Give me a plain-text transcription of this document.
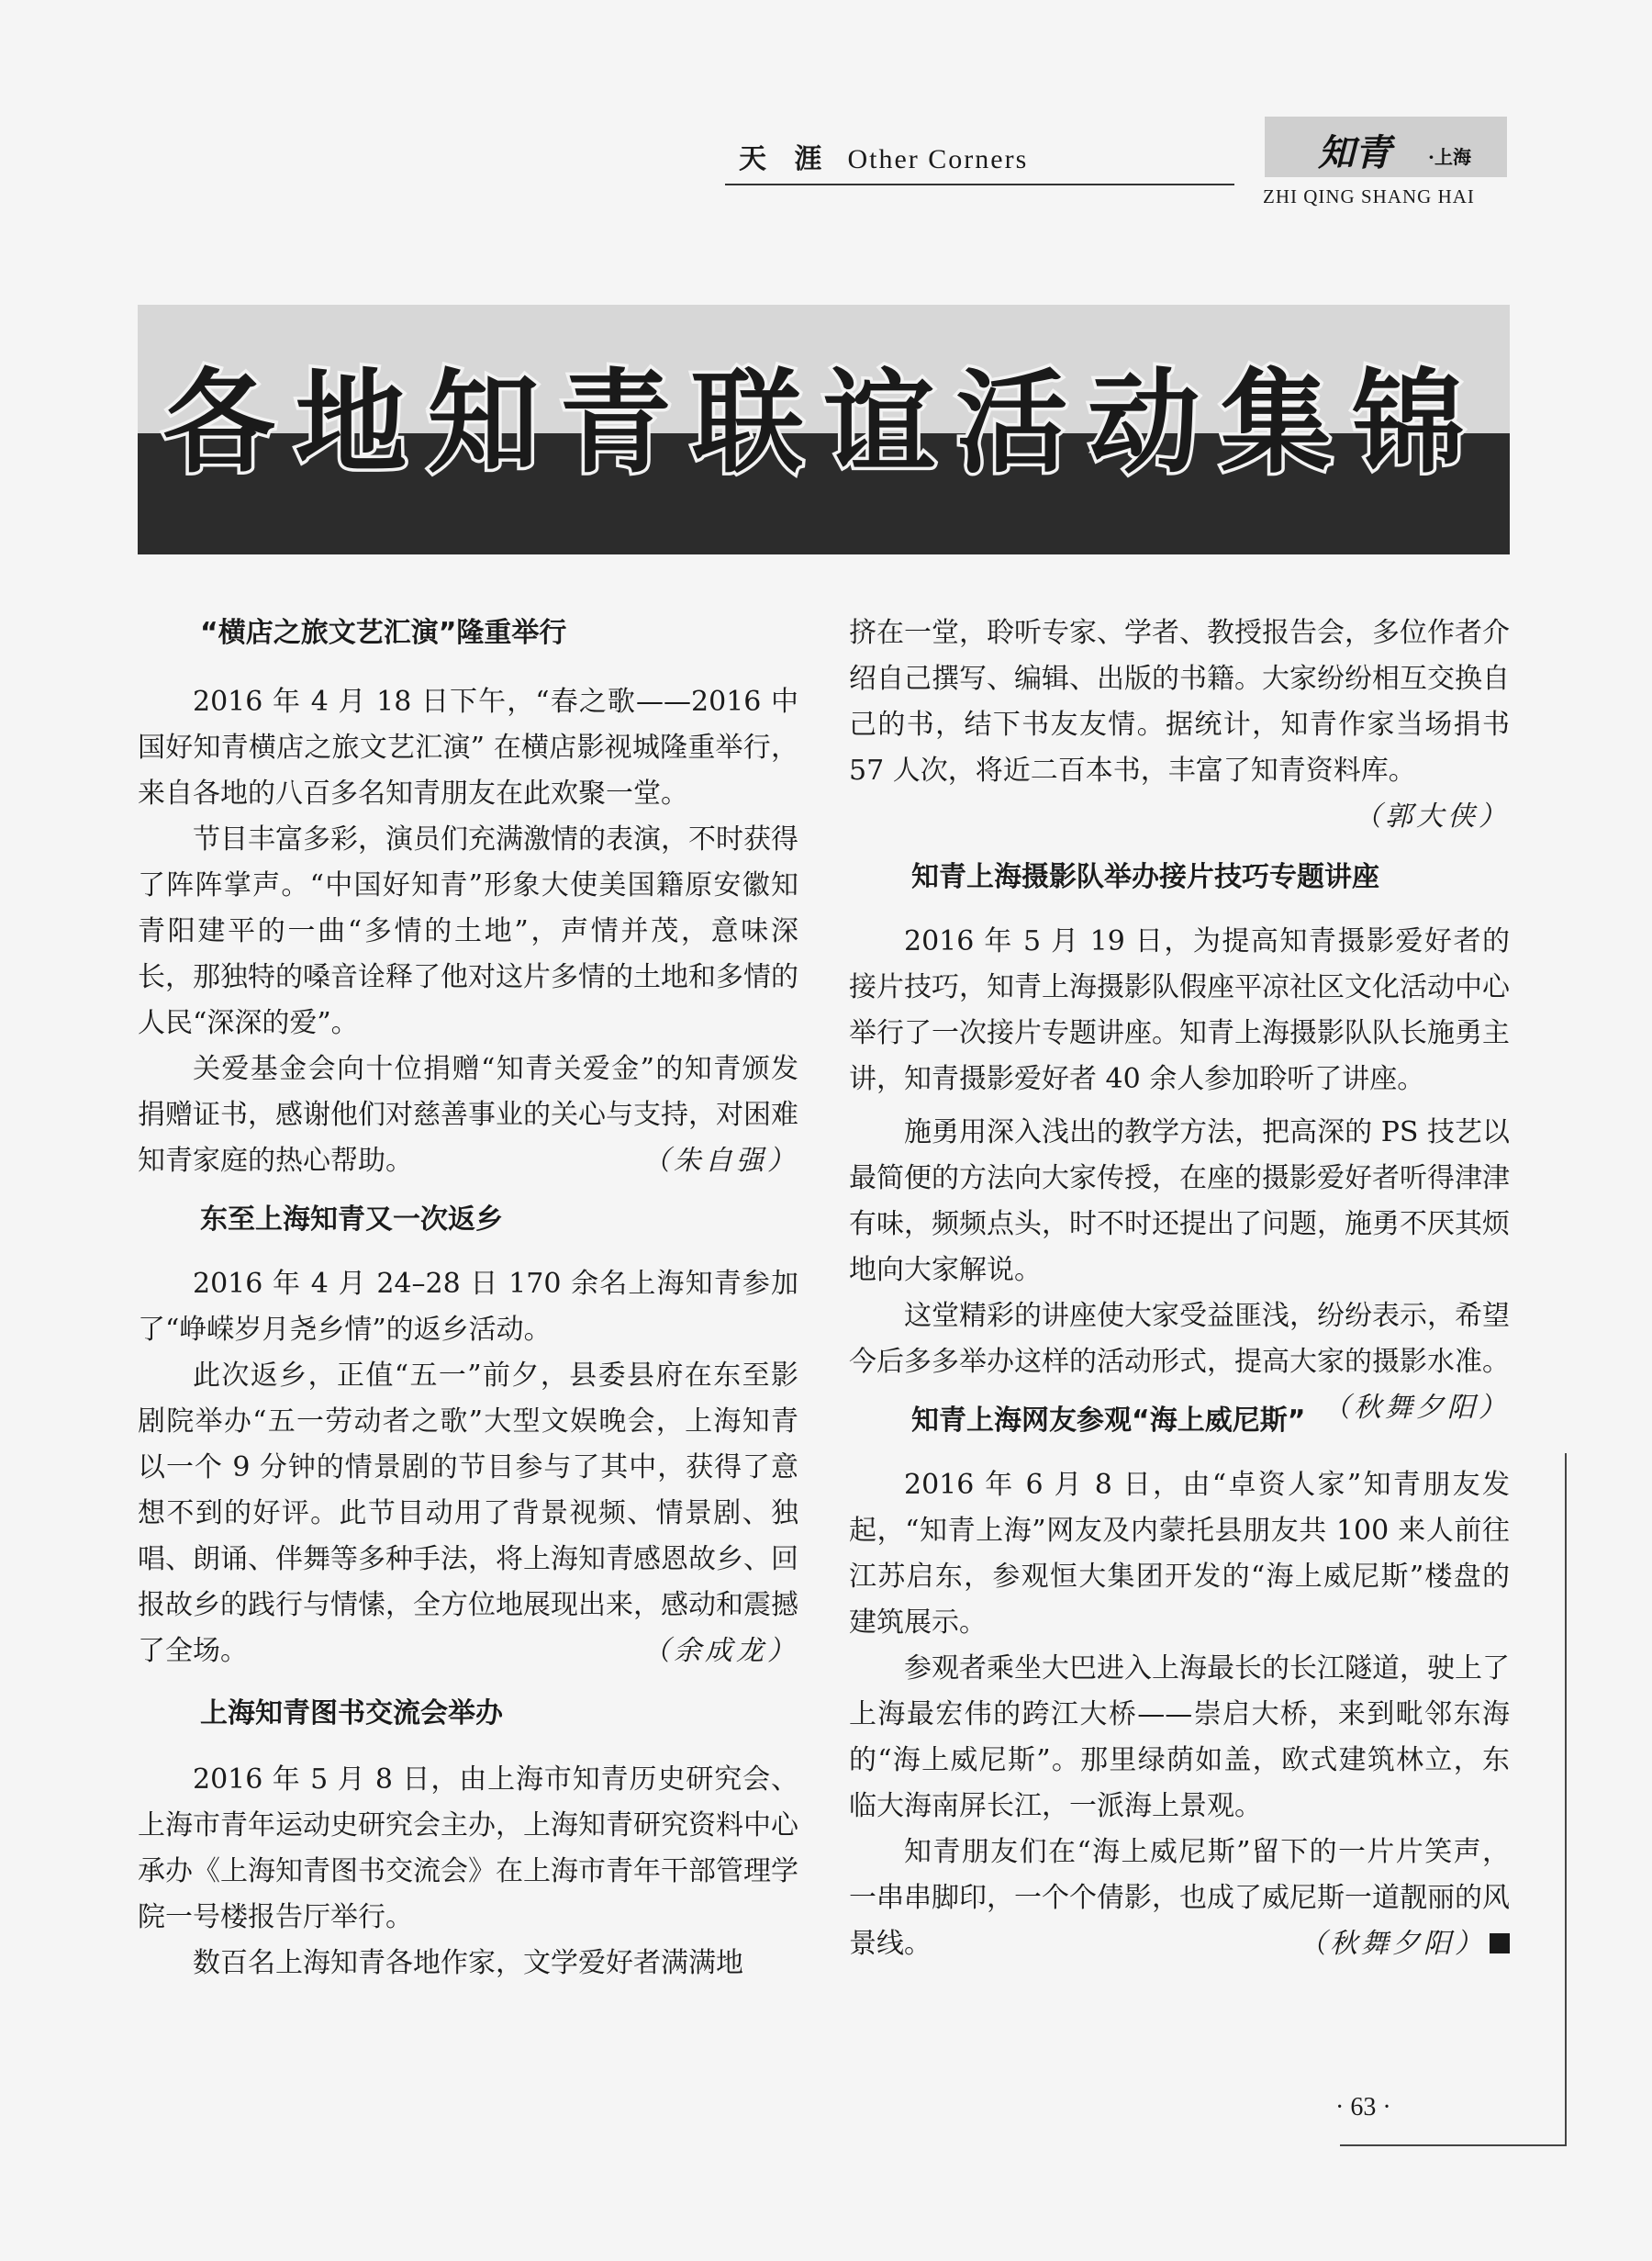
天 涯 Other Corners	知青 ·上海
ZHI QING SHANG HAI
各地知青联谊活动集锦
“横店之旅文艺汇演”隆重举行

2016 年 4 月 18 日下午，“春之歌——2016 中国好知青横店之旅文艺汇演” 在横店影视城隆重举行，来自各地的八百多名知青朋友在此欢聚一堂。

节目丰富多彩，演员们充满激情的表演，不时获得了阵阵掌声。“中国好知青”形象大使美国籍原安徽知青阳建平的一曲“多情的土地”，声情并茂，意味深长，那独特的嗓音诠释了他对这片多情的土地和多情的人民“深深的爱”。

关爱基金会向十位捐赠“知青关爱金”的知青颁发捐赠证书，感谢他们对慈善事业的关心与支持，对困难知青家庭的热心帮助。	（朱自强）

东至上海知青又一次返乡

2016 年 4 月 24–28 日 170 余名上海知青参加了“峥嵘岁月尧乡情”的返乡活动。

此次返乡，正值“五一”前夕，县委县府在东至影剧院举办“五一劳动者之歌”大型文娱晚会，上海知青以一个 9 分钟的情景剧的节目参与了其中，获得了意想不到的好评。此节目动用了背景视频、情景剧、独唱、朗诵、伴舞等多种手法，将上海知青感恩故乡、回报故乡的践行与情愫，全方位地展现出来，感动和震撼了全场。	（余成龙）

上海知青图书交流会举办

2016 年 5 月 8 日，由上海市知青历史研究会、上海市青年运动史研究会主办，上海知青研究资料中心承办《上海知青图书交流会》在上海市青年干部管理学院一号楼报告厅举行。

数百名上海知青各地作家，文学爱好者满满地

挤在一堂，聆听专家、学者、教授报告会，多位作者介绍自己撰写、编辑、出版的书籍。大家纷纷相互交换自己的书，结下书友友情。据统计，知青作家当场捐书 57 人次，将近二百本书，丰富了知青资料库。

（郭大侠）
知青上海摄影队举办接片技巧专题讲座

2016 年 5 月 19 日，为提高知青摄影爱好者的接片技巧，知青上海摄影队假座平凉社区文化活动中心举行了一次接片专题讲座。知青上海摄影队队长施勇主讲，知青摄影爱好者 40 余人参加聆听了讲座。

施勇用深入浅出的教学方法，把高深的 PS 技艺以最简便的方法向大家传授，在座的摄影爱好者听得津津有味，频频点头，时不时还提出了问题，施勇不厌其烦地向大家解说。

这堂精彩的讲座使大家受益匪浅，纷纷表示，希望今后多多举办这样的活动形式，提高大家的摄影水准。
（秋舞夕阳）

知青上海网友参观“海上威尼斯”

2016 年 6 月 8 日，由“卓资人家”知青朋友发起，“知青上海”网友及内蒙托县朋友共 100 来人前往江苏启东，参观恒大集团开发的“海上威尼斯”楼盘的建筑展示。

参观者乘坐大巴进入上海最长的长江隧道，驶上了上海最宏伟的跨江大桥——崇启大桥，来到毗邻东海的“海上威尼斯”。那里绿荫如盖，欧式建筑林立，东临大海南屏长江，一派海上景观。

知青朋友们在“海上威尼斯”留下的一片片笑声，一串串脚印，一个个倩影，也成了威尼斯一道靓丽的风景线。	（秋舞夕阳）

· 63 ·
